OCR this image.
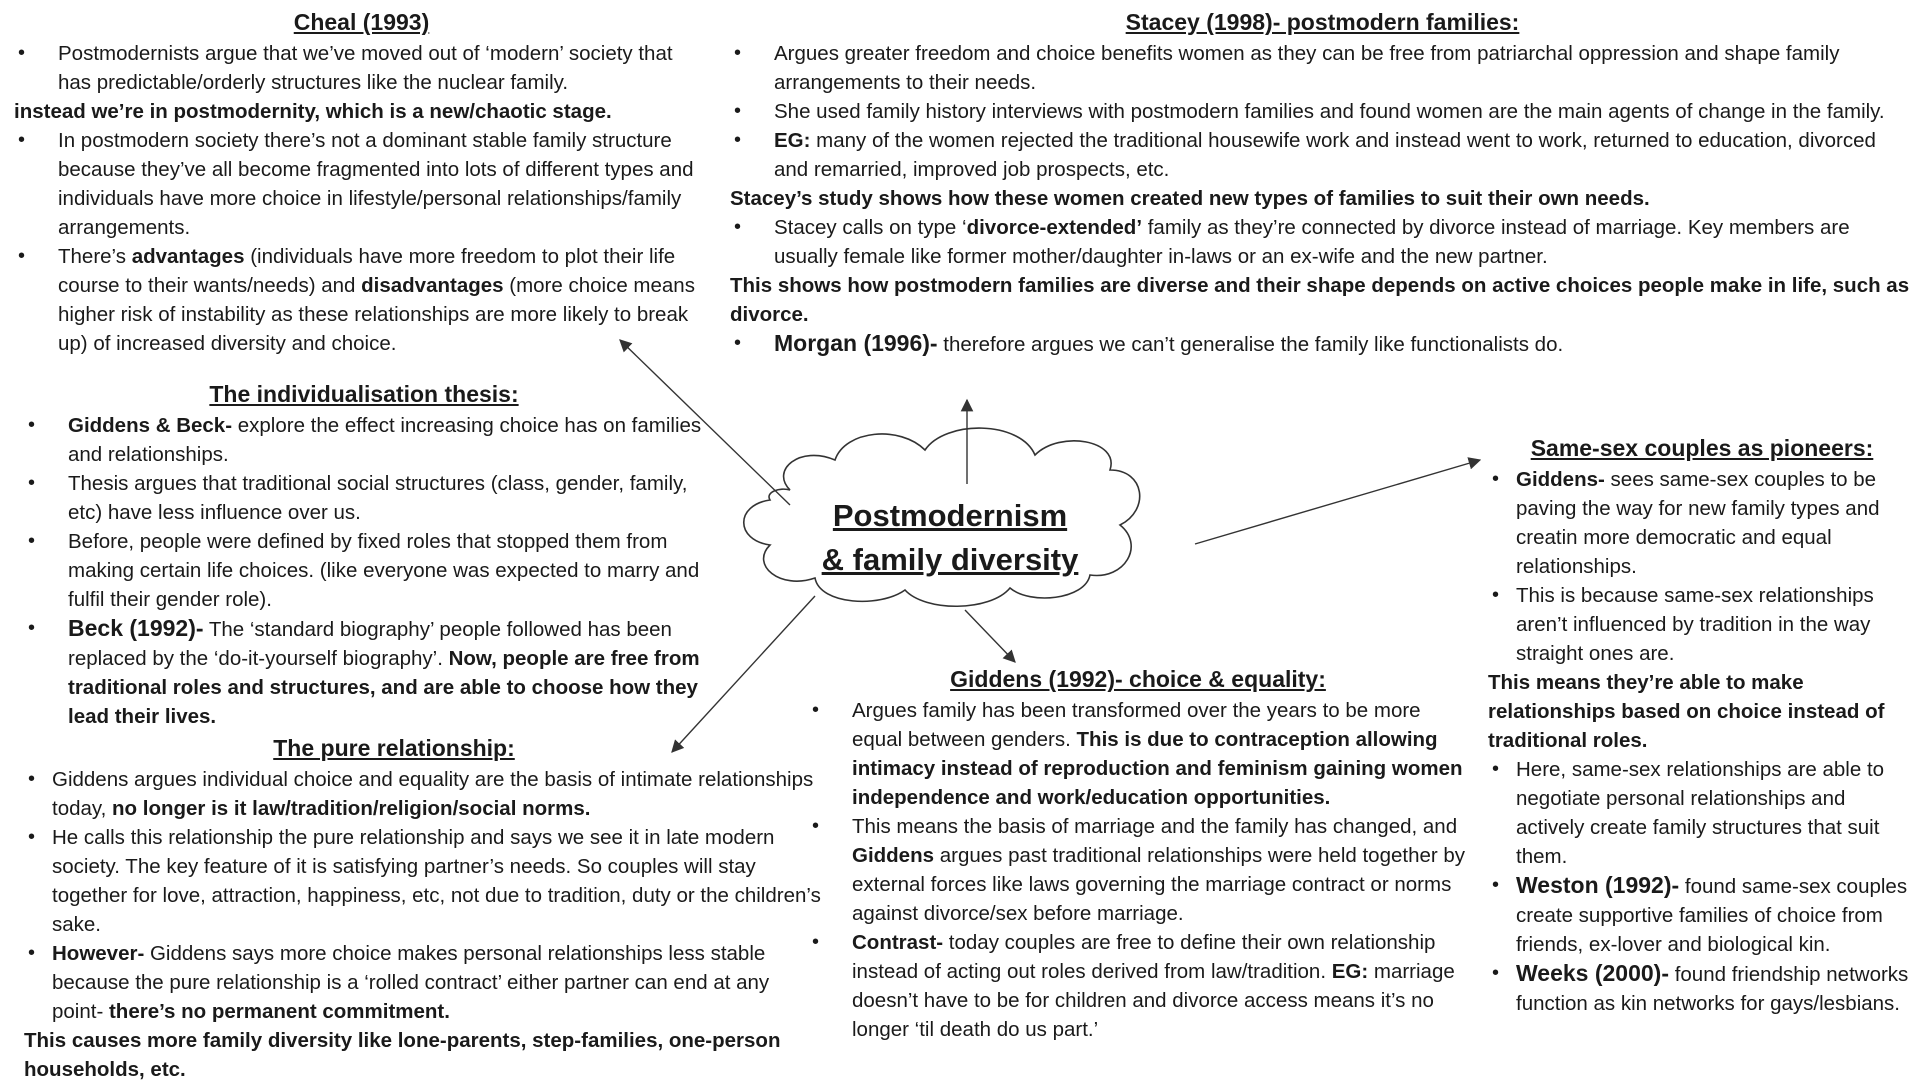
Postmodernism
& family diversity
Cheal (1993)
• Postmodernists argue that we’ve moved out of ‘modern’ society that has predictable/orderly structures like the nuclear family.
instead we’re in postmodernity, which is a new/chaotic stage.
• In postmodern society there’s not a dominant stable family structure because they’ve all become fragmented into lots of different types and individuals have more choice in lifestyle/personal relationships/family arrangements.
• There’s advantages (individuals have more freedom to plot their life course to their wants/needs) and disadvantages (more choice means higher risk of instability as these relationships are more likely to break up) of increased diversity and choice.
The individualisation thesis:
• Giddens & Beck- explore the effect increasing choice has on families and relationships.
• Thesis argues that traditional social structures (class, gender, family, etc) have less influence over us.
• Before, people were defined by fixed roles that stopped them from making certain life choices. (like everyone was expected to marry and fulfil their gender role).
• Beck (1992)- The ‘standard biography’ people followed has been replaced by the ‘do-it-yourself biography’. Now, people are free from traditional roles and structures, and are able to choose how they lead their lives.
The pure relationship:
• Giddens argues individual choice and equality are the basis of intimate relationships today, no longer is it law/tradition/religion/social norms.
• He calls this relationship the pure relationship and says we see it in late modern society. The key feature of it is satisfying partner’s needs. So couples will stay together for love, attraction, happiness, etc, not due to tradition, duty or the children’s sake.
• However- Giddens says more choice makes personal relationships less stable because the pure relationship is a ‘rolled contract’ either partner can end at any point- there’s no permanent commitment.
This causes more family diversity like lone-parents, step-families, one-person households, etc.
Stacey (1998)- postmodern families:
• Argues greater freedom and choice benefits women as they can be free from patriarchal oppression and shape family arrangements to their needs.
• She used family history interviews with postmodern families and found women are the main agents of change in the family.
• EG: many of the women rejected the traditional housewife work and instead went to work, returned to education, divorced and remarried, improved job prospects, etc.
Stacey’s study shows how these women created new types of families to suit their own needs.
• Stacey calls on type ‘divorce-extended’ family as they’re connected by divorce instead of marriage. Key members are usually female like former mother/daughter in-laws or an ex-wife and the new partner.
This shows how postmodern families are diverse and their shape depends on active choices people make in life, such as divorce.
• Morgan (1996)- therefore argues we can’t generalise the family like functionalists do.
Giddens (1992)- choice & equality:
• Argues family has been transformed over the years to be more equal between genders. This is due to contraception allowing intimacy instead of reproduction and feminism gaining women independence and work/education opportunities.
• This means the basis of marriage and the family has changed, and Giddens argues past traditional relationships were held together by external forces like laws governing the marriage contract or norms against divorce/sex before marriage.
• Contrast- today couples are free to define their own relationship instead of acting out roles derived from law/tradition. EG: marriage doesn’t have to be for children and divorce access means it’s no longer ‘til death do us part.’
Same-sex couples as pioneers:
• Giddens- sees same-sex couples to be paving the way for new family types and creatin more democratic and equal relationships.
• This is because same-sex relationships aren’t influenced by tradition in the way straight ones are.
This means they’re able to make relationships based on choice instead of traditional roles.
• Here, same-sex relationships are able to negotiate personal relationships and actively create family structures that suit them.
• Weston (1992)- found same-sex couples create supportive families of choice from friends, ex-lover and biological kin.
• Weeks (2000)- found friendship networks function as kin networks for gays/lesbians.
